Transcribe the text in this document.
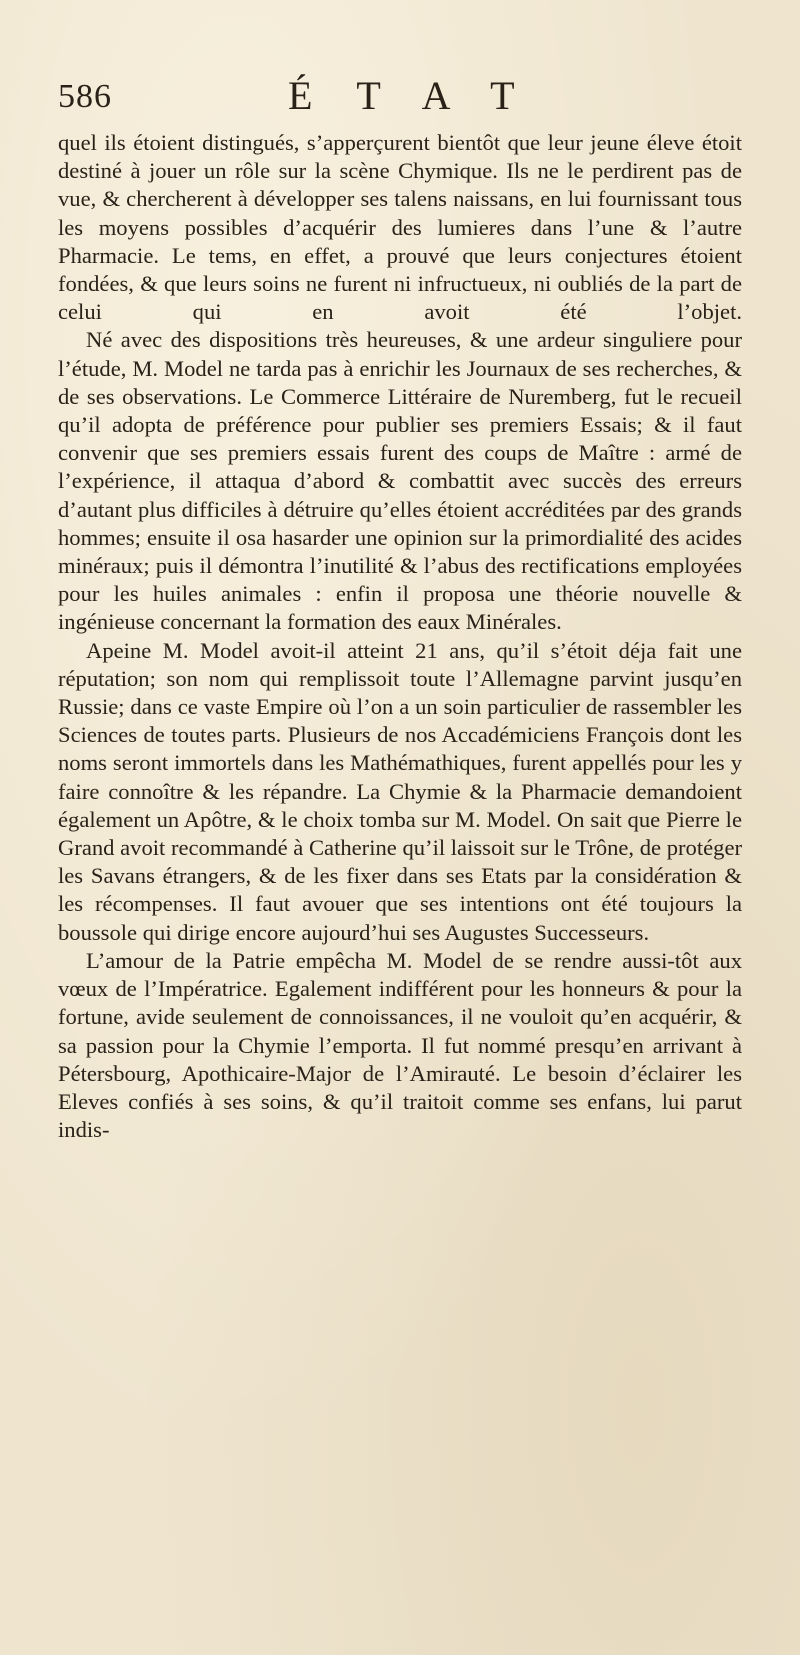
586	ÉTAT

quel ils étoient distingués, s’apperçurent bientôt que leur jeune éleve étoit destiné à jouer un rôle sur la scène Chymique. Ils ne le perdirent pas de vue, & chercherent à développer ses talens naissans, en lui fournissant tous les moyens possibles d’acquérir des lumieres dans l’une & l’autre Pharmacie. Le tems, en effet, a prouvé que leurs conjectures étoient fondées, & que leurs soins ne furent ni infructueux, ni oubliés de la part de celui qui en avoit été l’objet.

Né avec des dispositions très heureuses, & une ardeur singuliere pour l’étude, M. Model ne tarda pas à enrichir les Journaux de ses recherches, & de ses observations. Le Commerce Littéraire de Nuremberg, fut le recueil qu’il adopta de préférence pour publier ses premiers Essais; & il faut convenir que ses premiers essais furent des coups de Maître : armé de l’expérience, il attaqua d’abord & combattit avec succès des erreurs d’autant plus difficiles à détruire qu’elles étoient accréditées par des grands hommes; ensuite il osa hasarder une opinion sur la primordialité des acides minéraux; puis il démontra l’inutilité & l’abus des rectifications employées pour les huiles animales : enfin il proposa une théorie nouvelle & ingénieuse concernant la formation des eaux Minérales.

Apeine M. Model avoit-il atteint 21 ans, qu’il s’étoit déja fait une réputation; son nom qui remplissoit toute l’Allemagne parvint jusqu’en Russie; dans ce vaste Empire où l’on a un soin particulier de rassembler les Sciences de toutes parts. Plusieurs de nos Accadémiciens François dont les noms seront immortels dans les Mathémathiques, furent appellés pour les y faire connoître & les répandre. La Chymie & la Pharmacie demandoient également un Apôtre, & le choix tomba sur M. Model. On sait que Pierre le Grand avoit recommandé à Catherine qu’il laissoit sur le Trône, de protéger les Savans étrangers, & de les fixer dans ses Etats par la considération & les récompenses. Il faut avouer que ses intentions ont été toujours la boussole qui dirige encore aujourd’hui ses Augustes Successeurs.

L’amour de la Patrie empêcha M. Model de se rendre aussi-tôt aux vœux de l’Impératrice. Egalement indifférent pour les honneurs & pour la fortune, avide seulement de connoissances, il ne vouloit qu’en acquérir, & sa passion pour la Chymie l’emporta. Il fut nommé presqu’en arrivant à Pétersbourg, Apothicaire-Major de l’Amirauté. Le besoin d’éclairer les Eleves confiés à ses soins, & qu’il traitoit comme ses enfans, lui parut indis-
